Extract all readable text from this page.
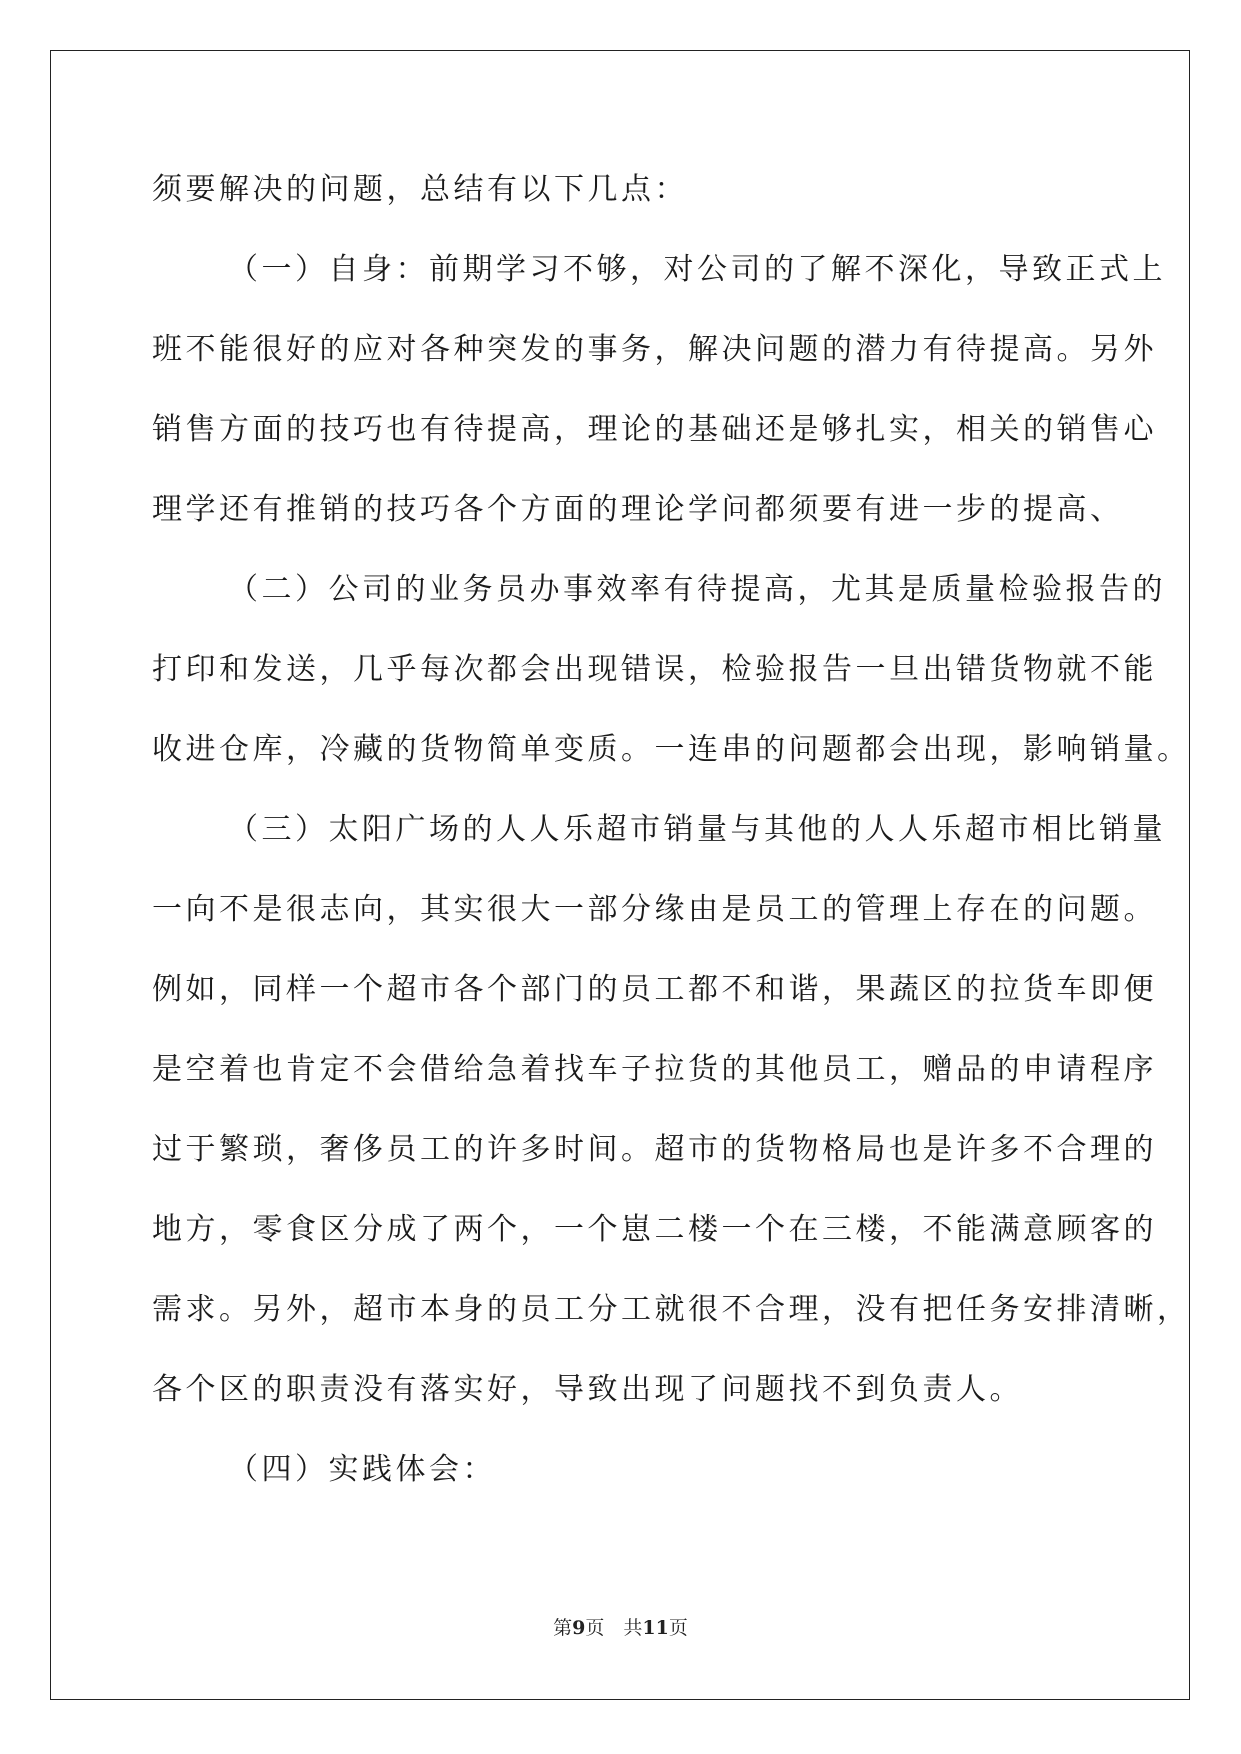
须要解决的问题，总结有以下几点：
（一）自身：前期学习不够，对公司的了解不深化，导致正式上
班不能很好的应对各种突发的事务，解决问题的潜力有待提高。另外
销售方面的技巧也有待提高，理论的基础还是够扎实，相关的销售心
理学还有推销的技巧各个方面的理论学问都须要有进一步的提高、
（二）公司的业务员办事效率有待提高，尤其是质量检验报告的
打印和发送，几乎每次都会出现错误，检验报告一旦出错货物就不能
收进仓库，冷藏的货物简单变质。一连串的问题都会出现，影响销量。
（三）太阳广场的人人乐超市销量与其他的人人乐超市相比销量
一向不是很志向，其实很大一部分缘由是员工的管理上存在的问题。
例如，同样一个超市各个部门的员工都不和谐，果蔬区的拉货车即便
是空着也肯定不会借给急着找车子拉货的其他员工，赠品的申请程序
过于繁琐，奢侈员工的许多时间。超市的货物格局也是许多不合理的
地方，零食区分成了两个，一个崽二楼一个在三楼，不能满意顾客的
需求。另外，超市本身的员工分工就很不合理，没有把任务安排清晰，
各个区的职责没有落实好，导致出现了问题找不到负责人。
（四）实践体会：
第9页　共11页
